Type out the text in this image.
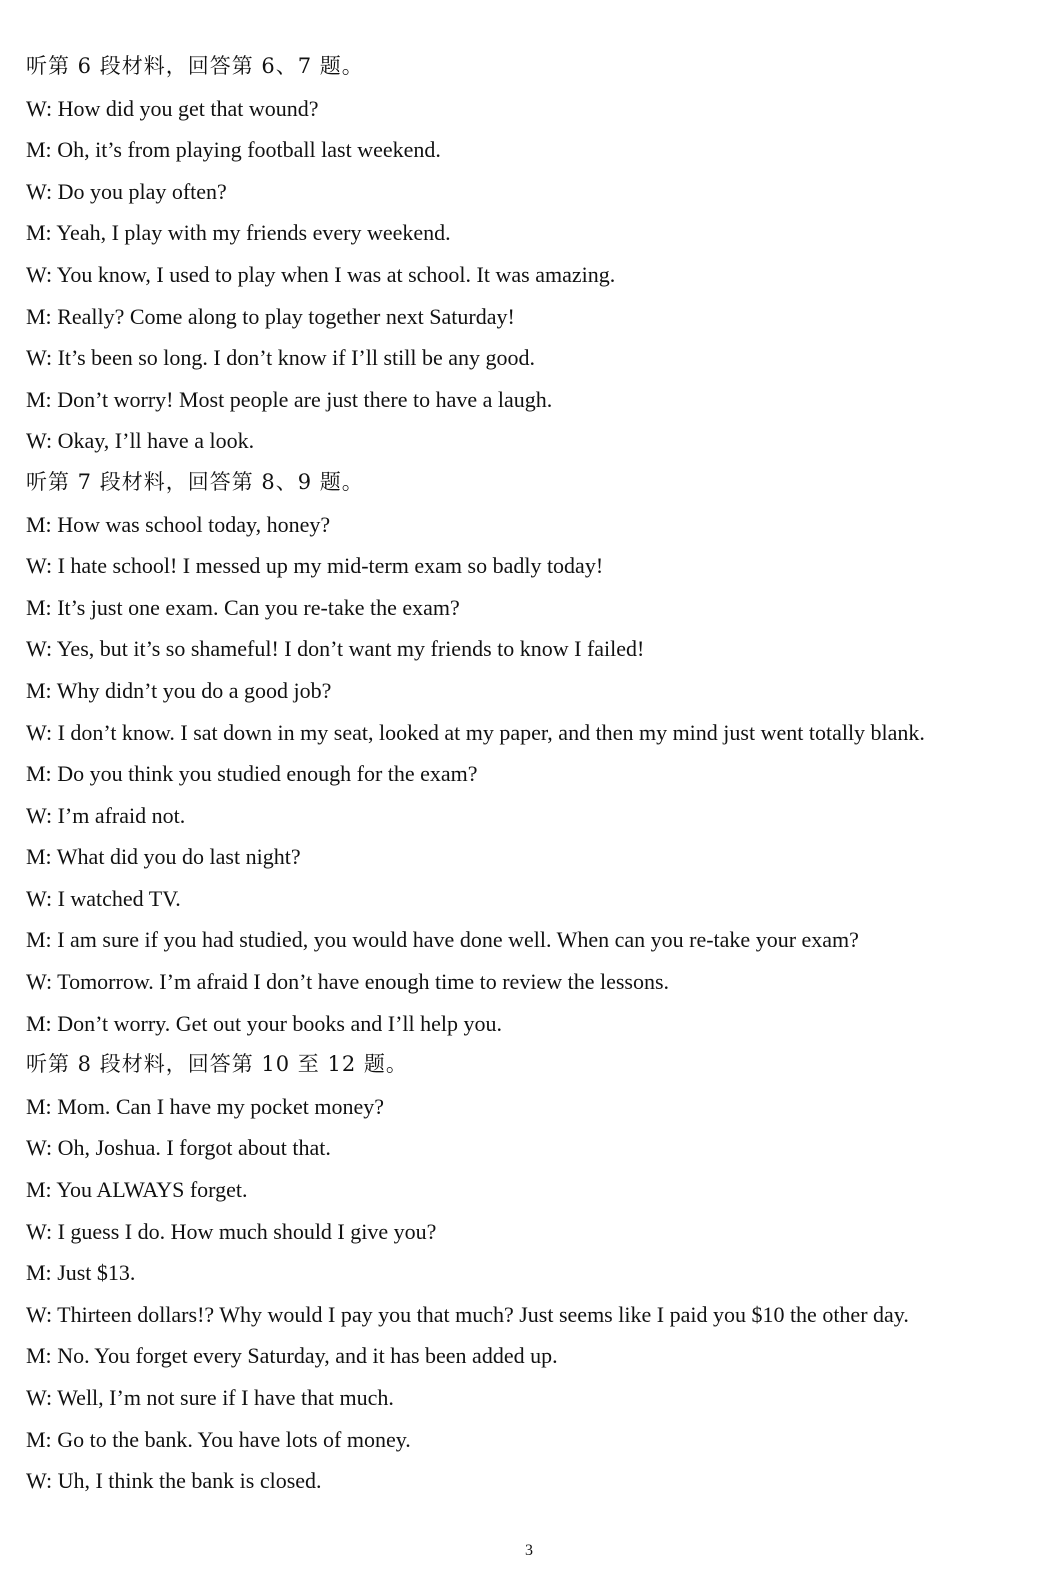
听第 6 段材料，回答第 6、7 题。
W: How did you get that wound?
M: Oh, it’s from playing football last weekend.
W: Do you play often?
M: Yeah, I play with my friends every weekend.
W: You know, I used to play when I was at school. It was amazing.
M: Really? Come along to play together next Saturday!
W: It’s been so long. I don’t know if I’ll still be any good.
M: Don’t worry! Most people are just there to have a laugh.
W: Okay, I’ll have a look.
听第 7 段材料，回答第 8、9 题。
M: How was school today, honey?
W: I hate school! I messed up my mid-term exam so badly today!
M: It’s just one exam. Can you re-take the exam?
W: Yes, but it’s so shameful! I don’t want my friends to know I failed!
M: Why didn’t you do a good job?
W: I don’t know. I sat down in my seat, looked at my paper, and then my mind just went totally blank.
M: Do you think you studied enough for the exam?
W: I’m afraid not.
M: What did you do last night?
W: I watched TV.
M: I am sure if you had studied, you would have done well. When can you re-take your exam?
W: Tomorrow. I’m afraid I don’t have enough time to review the lessons.
M: Don’t worry. Get out your books and I’ll help you.
听第 8 段材料，回答第 10 至 12 题。
M: Mom. Can I have my pocket money?
W: Oh, Joshua. I forgot about that.
M: You ALWAYS forget.
W: I guess I do. How much should I give you?
M: Just $13.
W: Thirteen dollars!? Why would I pay you that much? Just seems like I paid you $10 the other day.
M: No. You forget every Saturday, and it has been added up.
W: Well, I’m not sure if I have that much.
M: Go to the bank. You have lots of money.
W: Uh, I think the bank is closed.
3
